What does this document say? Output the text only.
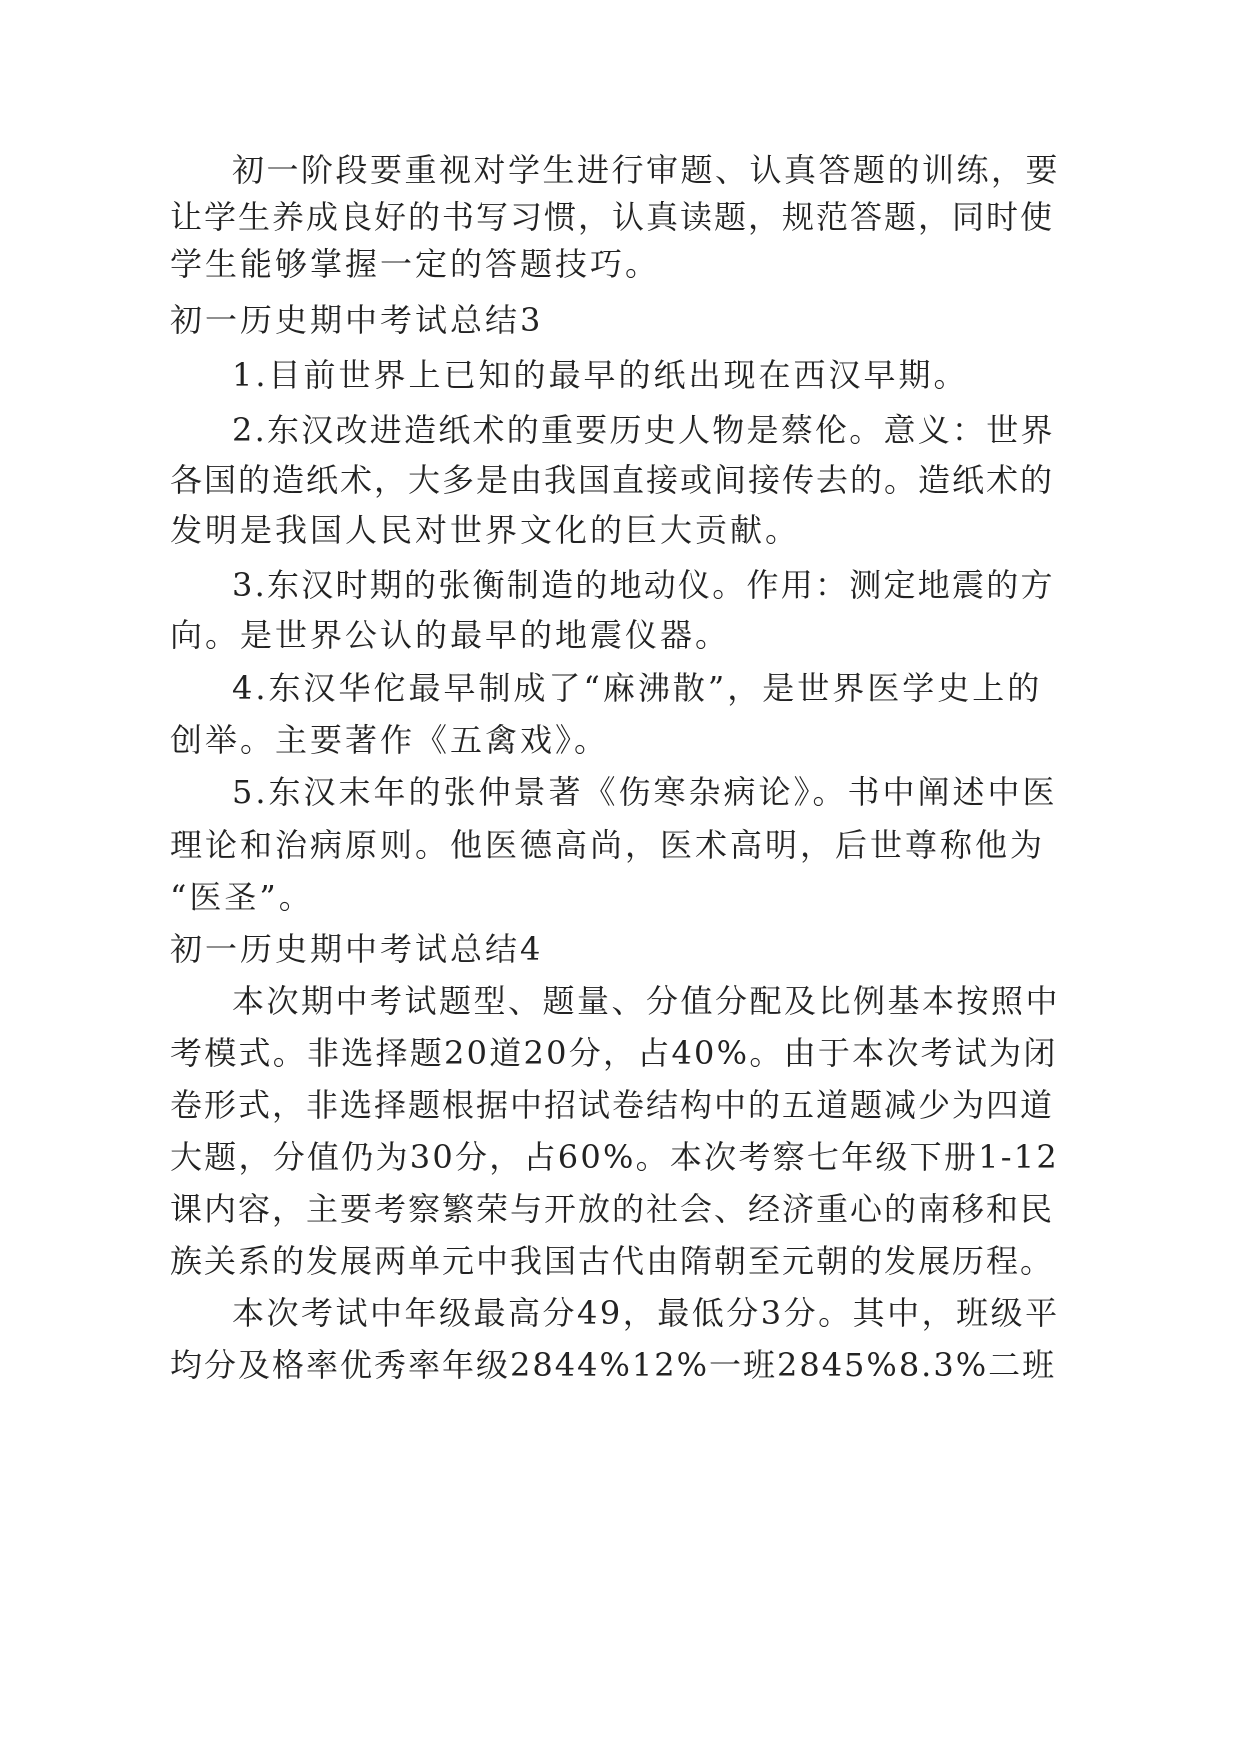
初一阶段要重视对学生进行审题、认真答题的训练，要

让学生养成良好的书写习惯，认真读题，规范答题，同时使

学生能够掌握一定的答题技巧。

初一历史期中考试总结3

1.目前世界上已知的最早的纸出现在西汉早期。

2.东汉改进造纸术的重要历史人物是蔡伦。意义：世界

各国的造纸术，大多是由我国直接或间接传去的。造纸术的

发明是我国人民对世界文化的巨大贡献。

3.东汉时期的张衡制造的地动仪。作用：测定地震的方

向。是世界公认的最早的地震仪器。

4.东汉华佗最早制成了“麻沸散”，是世界医学史上的

创举。主要著作《五禽戏》。

5.东汉末年的张仲景著《伤寒杂病论》。书中阐述中医

理论和治病原则。他医德高尚，医术高明，后世尊称他为

“医圣”。

初一历史期中考试总结4

本次期中考试题型、题量、分值分配及比例基本按照中

考模式。非选择题20道20分，占40%。由于本次考试为闭

卷形式，非选择题根据中招试卷结构中的五道题减少为四道

大题，分值仍为30分，占60%。本次考察七年级下册1-12

课内容，主要考察繁荣与开放的社会、经济重心的南移和民

族关系的发展两单元中我国古代由隋朝至元朝的发展历程。

本次考试中年级最高分49，最低分3分。其中，班级平

均分及格率优秀率年级2844%12%一班2845%8.3%二班
